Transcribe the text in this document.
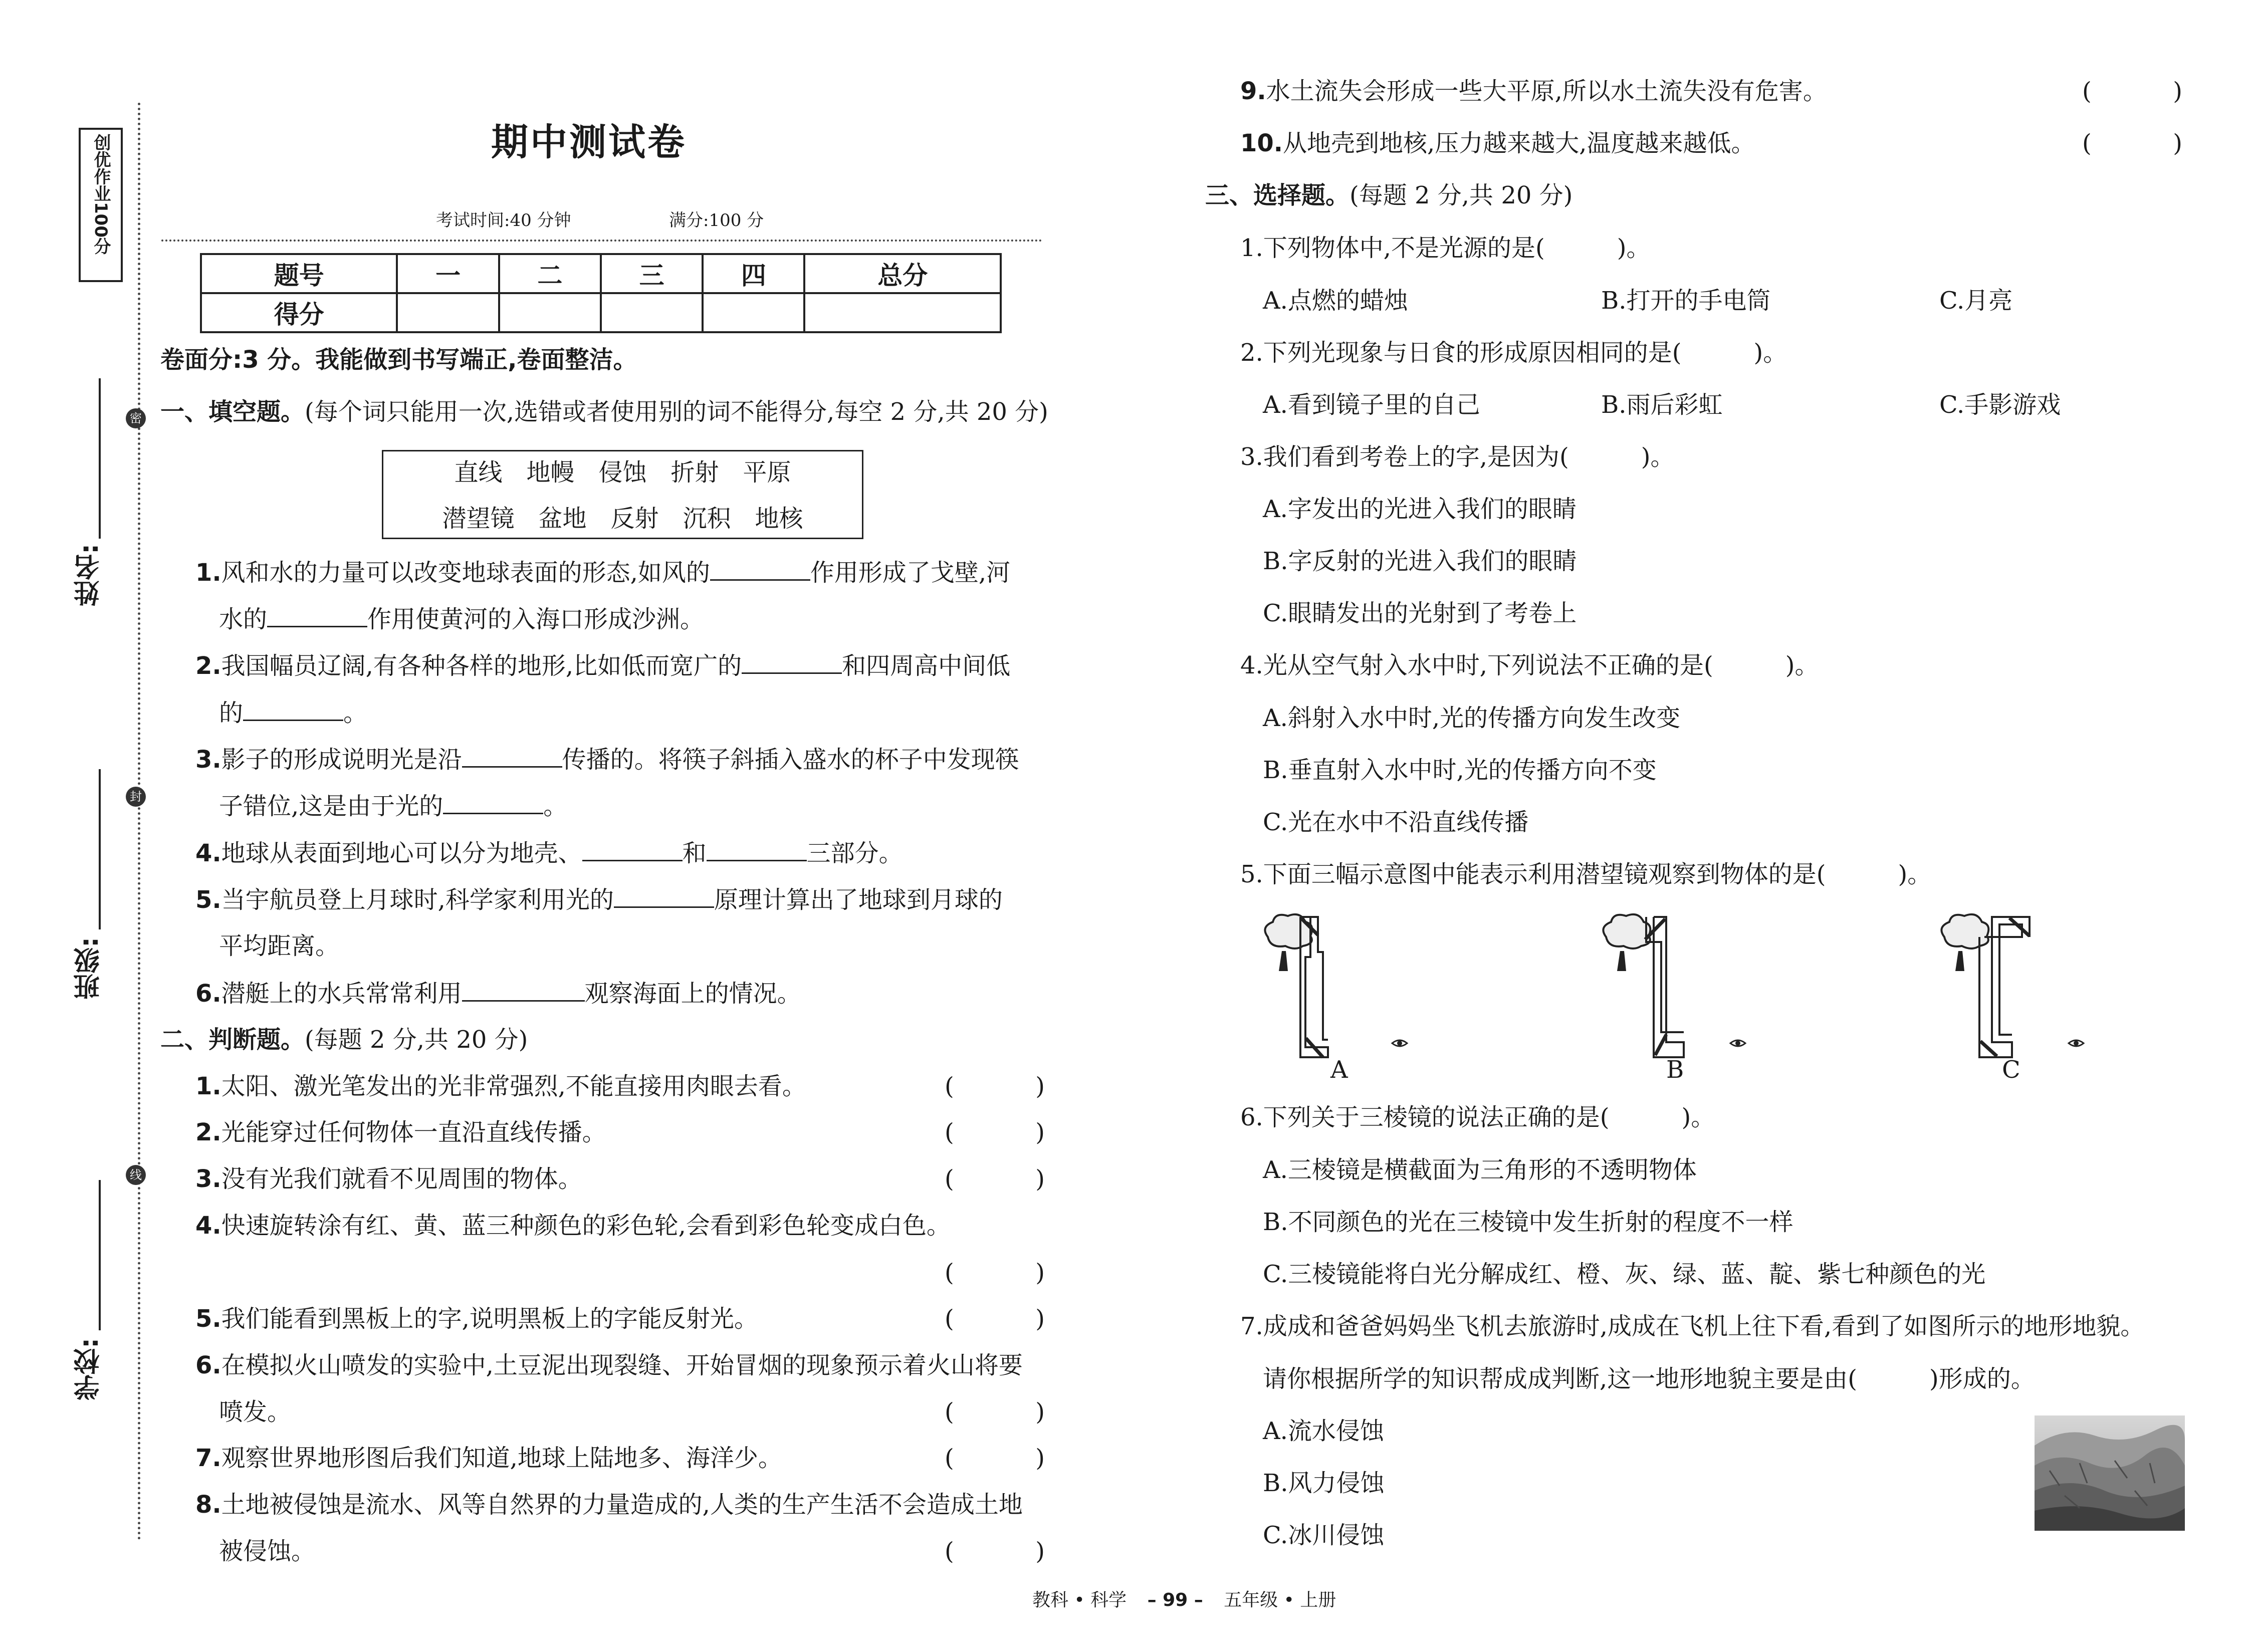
创优作业100分
密
封
线
姓名:
班级:
学校:
期中测试卷
考试时间:40 分钟	满分:100 分
题号	一	二	三	四	总分
得分					
卷面分:3 分。我能做到书写端正,卷面整洁。
一、填空题。(每个词只能用一次,选错或者使用别的词不能得分,每空 2 分,共 20 分)
直线　地幔　侵蚀　折射　平原
潜望镜　盆地　反射　沉积　地核
1.风和水的力量可以改变地球表面的形态,如风的	作用形成了戈壁,河
水的	作用使黄河的入海口形成沙洲。
2.我国幅员辽阔,有各种各样的地形,比如低而宽广的	和四周高中间低
的	。
3.影子的形成说明光是沿	传播的。将筷子斜插入盛水的杯子中发现筷
子错位,这是由于光的	。
4.地球从表面到地心可以分为地壳、	和	三部分。
5.当宇航员登上月球时,科学家利用光的	原理计算出了地球到月球的
平均距离。
6.潜艇上的水兵常常利用	观察海面上的情况。
二、判断题。(每题 2 分,共 20 分)
1.太阳、激光笔发出的光非常强烈,不能直接用肉眼去看。	(	)
2.光能穿过任何物体一直沿直线传播。	(	)
3.没有光我们就看不见周围的物体。	(	)
4.快速旋转涂有红、黄、蓝三种颜色的彩色轮,会看到彩色轮变成白色。
(	)
5.我们能看到黑板上的字,说明黑板上的字能反射光。	(	)
6.在模拟火山喷发的实验中,土豆泥出现裂缝、开始冒烟的现象预示着火山将要
喷发。	(	)
7.观察世界地形图后我们知道,地球上陆地多、海洋少。	(	)
8.土地被侵蚀是流水、风等自然界的力量造成的,人类的生产生活不会造成土地
被侵蚀。	(	)
9.水土流失会形成一些大平原,所以水土流失没有危害。	(	)
10.从地壳到地核,压力越来越大,温度越来越低。	(	)
三、选择题。(每题 2 分,共 20 分)
1.下列物体中,不是光源的是(　　　)。
A.点燃的蜡烛	B.打开的手电筒	C.月亮
2.下列光现象与日食的形成原因相同的是(　　　)。
A.看到镜子里的自己	B.雨后彩虹	C.手影游戏
3.我们看到考卷上的字,是因为(　　　)。
A.字发出的光进入我们的眼睛
B.字反射的光进入我们的眼睛
C.眼睛发出的光射到了考卷上
4.光从空气射入水中时,下列说法不正确的是(　　　)。
A.斜射入水中时,光的传播方向发生改变
B.垂直射入水中时,光的传播方向不变
C.光在水中不沿直线传播
5.下面三幅示意图中能表示利用潜望镜观察到物体的是(　　　)。
A	B	C
6.下列关于三棱镜的说法正确的是(　　　)。
A.三棱镜是横截面为三角形的不透明物体
B.不同颜色的光在三棱镜中发生折射的程度不一样
C.三棱镜能将白光分解成红、橙、灰、绿、蓝、靛、紫七种颜色的光
7.成成和爸爸妈妈坐飞机去旅游时,成成在飞机上往下看,看到了如图所示的地形地貌。
请你根据所学的知识帮成成判断,这一地形地貌主要是由(　　　)形成的。
A.流水侵蚀
B.风力侵蚀
C.冰川侵蚀
教科 • 科学 – 99 – 五年级 • 上册
